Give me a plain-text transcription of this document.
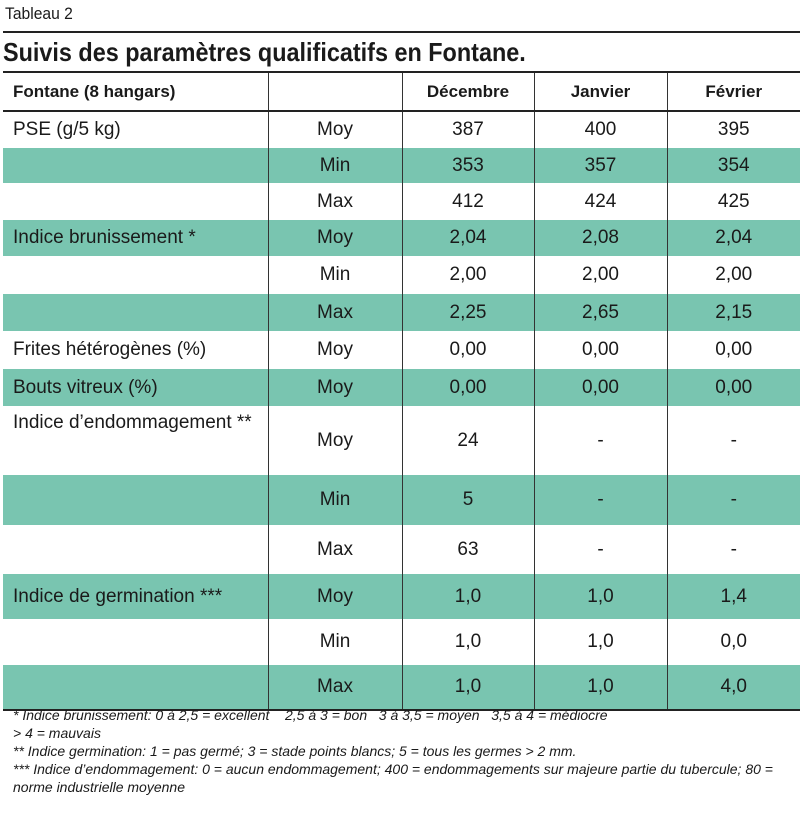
Tableau 2
Suivis des paramètres qualificatifs en Fontane.
Fontane (8 hangars)		Décembre	Janvier	Février
PSE (g/5 kg)	Moy	387	400	395
	Min	353	357	354
	Max	412	424	425
Indice brunissement *	Moy	2,04	2,08	2,04
	Min	2,00	2,00	2,00
	Max	2,25	2,65	2,15
Frites hétérogènes (%)	Moy	0,00	0,00	0,00
Bouts vitreux (%)	Moy	0,00	0,00	0,00
Indice d’endommagement **	Moy	24	-	-
	Min	5	-	-
	Max	63	-	-
Indice de germination ***	Moy	1,0	1,0	1,4
	Min	1,0	1,0	0,0
	Max	1,0	1,0	4,0
* Indice brunissement: 0 à 2,5 = excellent    2,5 à 3 = bon   3 à 3,5 = moyen   3,5 à 4 = médiocre
> 4 = mauvais
** Indice germination: 1 = pas germé; 3 = stade points blancs; 5 = tous les germes > 2 mm.
*** Indice d’endommagement: 0 = aucun endommagement; 400 = endommagements sur majeure partie du tubercule; 80 = norme industrielle moyenne
